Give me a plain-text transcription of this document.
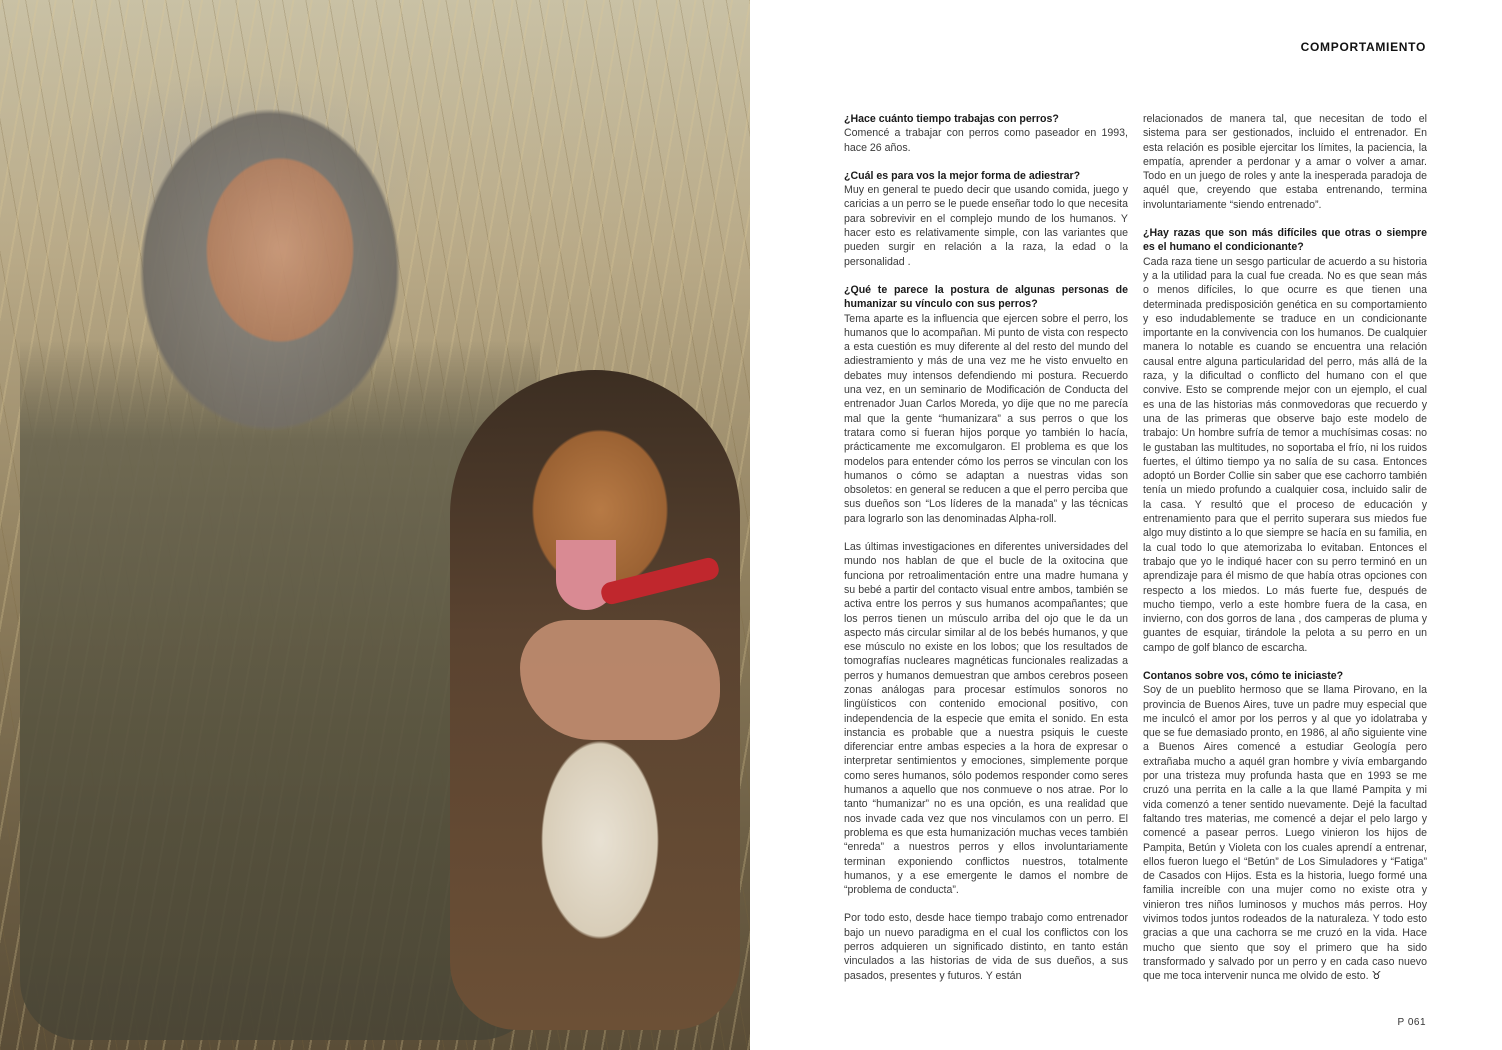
COMPORTAMIENTO
¿Hace cuánto tiempo trabajas con perros?

Comencé a trabajar con perros como paseador en 1993, hace 26 años.

¿Cuál es para vos la mejor forma de adiestrar?

Muy en general te puedo decir que usando comida, juego y caricias a un perro se le puede enseñar todo lo que necesita para sobrevivir en el complejo mundo de los humanos. Y hacer esto es relativamente simple, con las variantes que pueden surgir en relación a la raza, la edad o la personalidad .

¿Qué te parece la postura de algunas personas de humanizar su vínculo con sus perros?

Tema aparte es la influencia que ejercen sobre el perro, los humanos que lo acompañan. Mi punto de vista con respecto a esta cuestión es muy diferente al del resto del mundo del adiestramiento y más de una vez me he visto envuelto en debates muy intensos defendiendo mi postura. Recuerdo una vez, en un seminario de Modificación de Conducta del entrenador Juan Carlos Moreda, yo dije que no me parecía mal que la gente “humanizara” a sus perros o que los tratara como si fueran hijos porque yo también lo hacía, prácticamente me excomulgaron. El problema es que los modelos para entender cómo los perros se vinculan con los humanos o cómo se adaptan a nuestras vidas son obsoletos: en general se reducen a que el perro perciba que sus dueños son “Los líderes de la manada” y las técnicas para lograrlo son las denominadas Alpha-roll.

Las últimas investigaciones en diferentes universidades del mundo nos hablan de que el bucle de la oxitocina que funciona por retroalimentación entre una madre humana y su bebé a partir del contacto visual entre ambos, también se activa entre los perros y sus humanos acompañantes; que los perros tienen un músculo arriba del ojo que le da un aspecto más circular similar al de los bebés humanos, y que ese músculo no existe en los lobos; que los resultados de tomografías nucleares magnéticas funcionales realizadas a perros y humanos demuestran que ambos cerebros poseen zonas análogas para procesar estímulos sonoros no lingüísticos con contenido emocional positivo, con independencia de la especie que emita el sonido. En esta instancia es probable que a nuestra psiquis le cueste diferenciar entre ambas especies a la hora de expresar o interpretar sentimientos y emociones, simplemente porque como seres humanos, sólo podemos responder como seres humanos a aquello que nos conmueve o nos atrae. Por lo tanto “humanizar” no es una opción, es una realidad que nos invade cada vez que nos vinculamos con un perro. El problema es que esta humanización muchas veces también “enreda” a nuestros perros y ellos involuntariamente terminan exponiendo conflictos nuestros, totalmente humanos, y a ese emergente le damos el nombre de “problema de conducta”.

Por todo esto, desde hace tiempo trabajo como entrenador bajo un nuevo paradigma en el cual los conflictos con los perros adquieren un significado distinto, en tanto están vinculados a las historias de vida de sus dueños, a sus pasados, presentes y futuros. Y están

relacionados de manera tal, que necesitan de todo el sistema para ser gestionados, incluido el entrenador. En esta relación es posible ejercitar los límites, la paciencia, la empatía, aprender a perdonar y a amar o volver a amar. Todo en un juego de roles y ante la inesperada paradoja de aquél que, creyendo que estaba entrenando, termina involuntariamente “siendo entrenado”.

¿Hay razas que son más difíciles que otras o siempre es el humano el condicionante?

Cada raza tiene un sesgo particular de acuerdo a su historia y a la utilidad para la cual fue creada. No es que sean más o menos difíciles, lo que ocurre es que tienen una determinada predisposición genética en su comportamiento y eso indudablemente se traduce en un condicionante importante en la convivencia con los humanos. De cualquier manera lo notable es cuando se encuentra una relación causal entre alguna particularidad del perro, más allá de la raza, y la dificultad o conflicto del humano con el que convive. Esto se comprende mejor con un ejemplo, el cual es una de las historias más conmovedoras que recuerdo y una de las primeras que observe bajo este modelo de trabajo: Un hombre sufría de temor a muchísimas cosas: no le gustaban las multitudes, no soportaba el frío, ni los ruidos fuertes, el último tiempo ya no salía de su casa. Entonces adoptó un Border Collie sin saber que ese cachorro también tenía un miedo profundo a cualquier cosa, incluido salir de la casa. Y resultó que el proceso de educación y entrenamiento para que el perrito superara sus miedos fue algo muy distinto a lo que siempre se hacía en su familia, en la cual todo lo que atemorizaba lo evitaban. Entonces el trabajo que yo le indiqué hacer con su perro terminó en un aprendizaje para él mismo de que había otras opciones con respecto a los miedos. Lo más fuerte fue, después de mucho tiempo, verlo a este hombre fuera de la casa, en invierno, con dos gorros de lana , dos camperas de pluma y guantes de esquiar, tirándole la pelota a su perro en un campo de golf blanco de escarcha.

Contanos sobre vos, cómo te iniciaste?

Soy de un pueblito hermoso que se llama Pirovano, en la provincia de Buenos Aires, tuve un padre muy especial que me inculcó el amor por los perros y al que yo idolatraba y que se fue demasiado pronto, en 1986, al año siguiente vine a Buenos Aires comencé a estudiar Geología pero extrañaba mucho a aquél gran hombre y vivía embargando por una tristeza muy profunda hasta que en 1993 se me cruzó una perrita en la calle a la que llamé Pampita y mi vida comenzó a tener sentido nuevamente. Dejé la facultad faltando tres materias, me comencé a dejar el pelo largo y comencé a pasear perros. Luego vinieron los hijos de Pampita, Betún y Violeta con los cuales aprendí a entrenar, ellos fueron luego el “Betún” de Los Simuladores y “Fatiga” de Casados con Hijos. Esta es la historia, luego formé una familia increíble con una mujer como no existe otra y vinieron tres niños luminosos y muchos más perros. Hoy vivimos todos juntos rodeados de la naturaleza. Y todo esto gracias a que una cachorra se me cruzó en la vida. Hace mucho que siento que soy el primero que ha sido transformado y salvado por un perro y en cada caso nuevo que me toca intervenir nunca me olvido de esto. ♉

P 061
